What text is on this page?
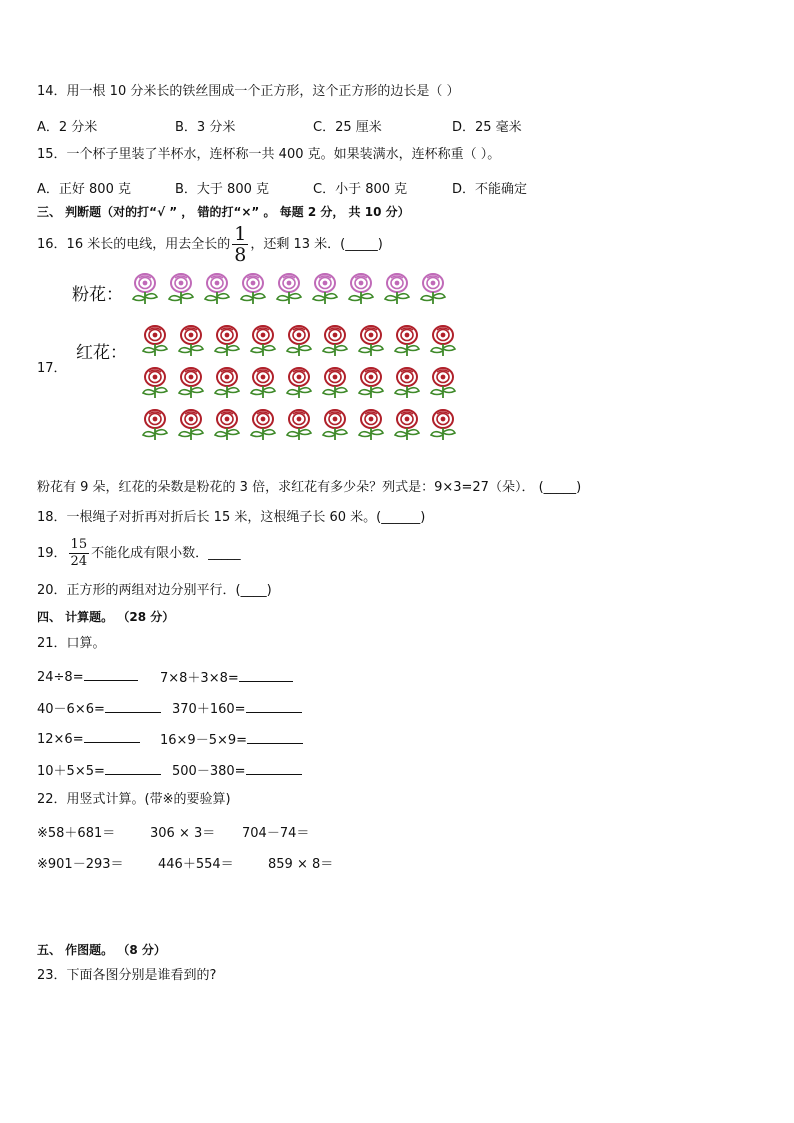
14．用一根 10 分米长的铁丝围成一个正方形，这个正方形的边长是（ ）
A．2 分米	B．3 分米	C．25 厘米	D．25 毫米
15．一个杯子里装了半杯水，连杯称一共 400 克。如果装满水，连杯称重（ ）。
A．正好 800 克	B．大于 800 克	C．小于 800 克	D．不能确定
三、 判断题（对的打“√ ” ， 错的打“×” 。 每题 2 分， 共 10 分）
16．16 米长的电线，用去全长的 $\frac{1}{8}$ ，还剩 13 米．(_____)
粉花：
红花：
17．
粉花有 9 朵，红花的朵数是粉花的 3 倍，求红花有多少朵？列式是：9×3=27（朵）． (_____)
18．一根绳子对折再对折后长 15 米，这根绳子长 60 米。(______)
19． $\frac{15}{24}$ 不能化成有限小数．_____
20．正方形的两组对边分别平行．(____)
四、 计算题。 （28 分）
21．口算。
24÷8=	7×8＋3×8=
40－6×6=	370＋160=
12×6=	16×9－5×9=
10＋5×5=	500－380=
22．用竖式计算。(带※的要验算)
※58＋681＝	306 × 3＝ 704－74＝
※901－293＝	446＋554＝	859 × 8＝
五、 作图题。 （8 分）
23．下面各图分别是谁看到的?
